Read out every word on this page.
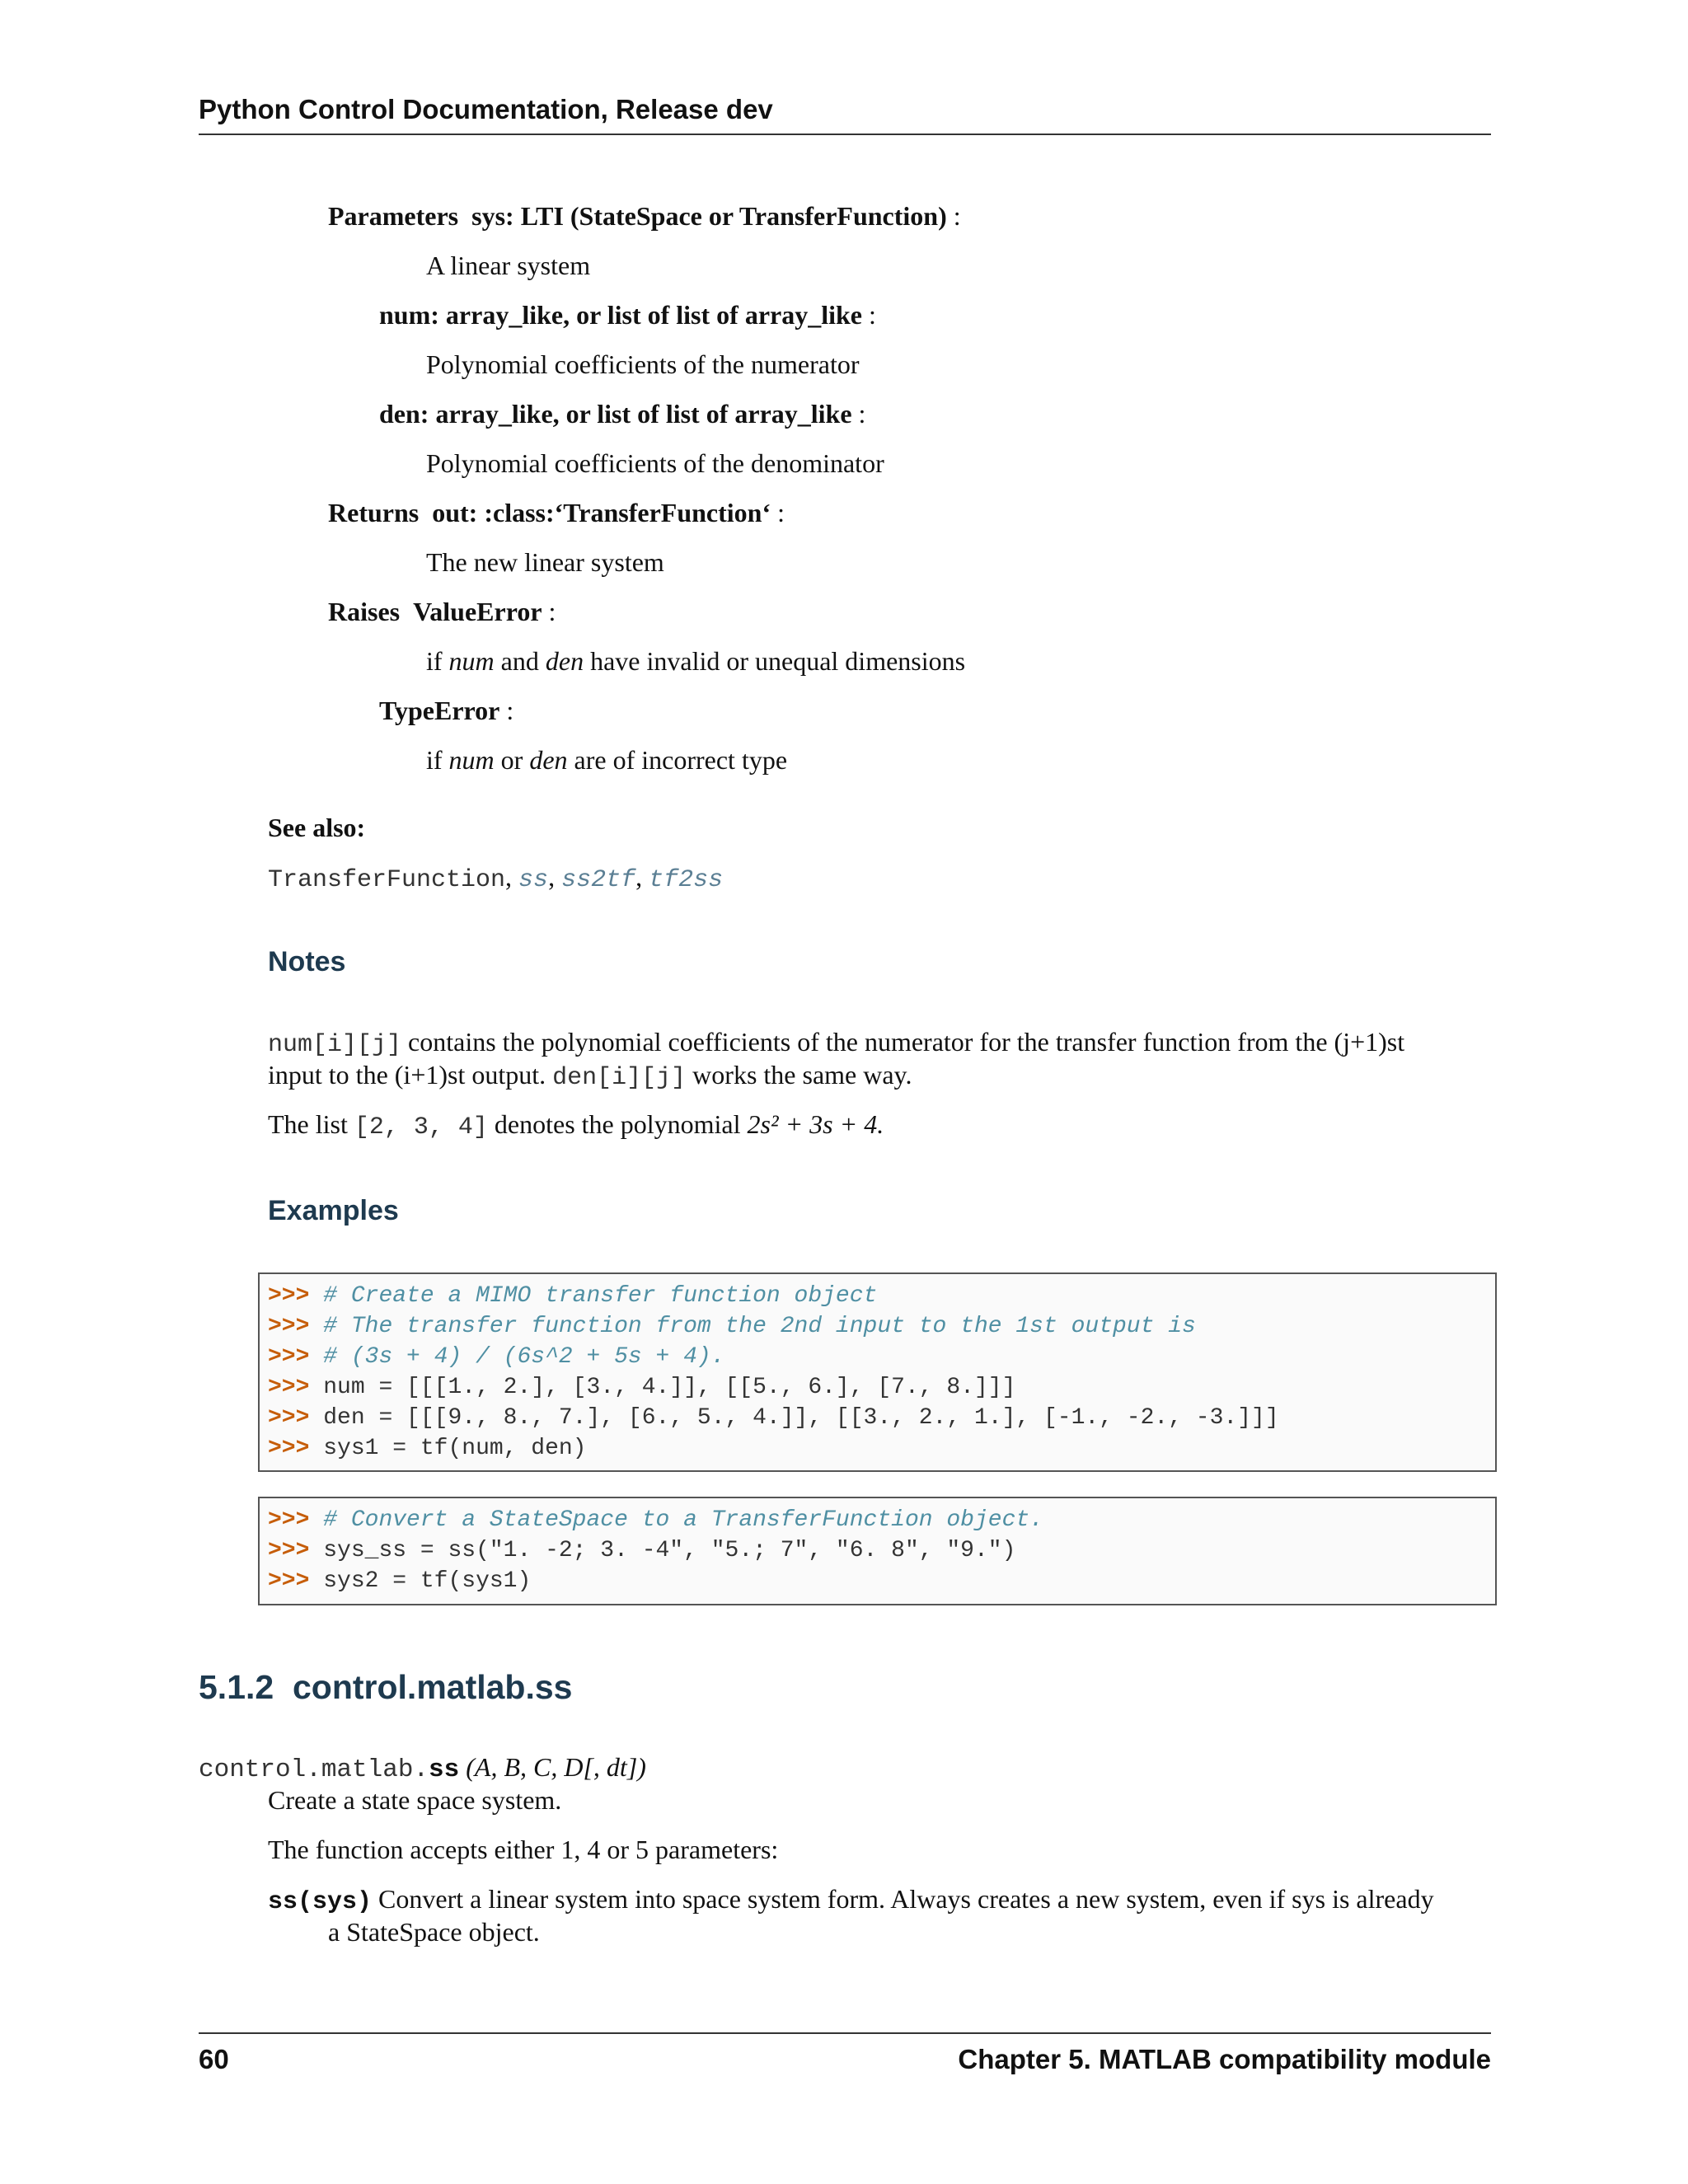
Python Control Documentation, Release dev
Parameters sys: LTI (StateSpace or TransferFunction) :
A linear system
num: array_like, or list of list of array_like :
Polynomial coefficients of the numerator
den: array_like, or list of list of array_like :
Polynomial coefficients of the denominator
Returns out: :class:‘TransferFunction‘ :
The new linear system
Raises ValueError :
if num and den have invalid or unequal dimensions
TypeError :
if num or den are of incorrect type
See also:
TransferFunction, ss, ss2tf, tf2ss
Notes
num[i][j] contains the polynomial coefficients of the numerator for the transfer function from the (j+1)st
input to the (i+1)st output. den[i][j] works the same way.
The list [2, 3, 4] denotes the polynomial 2s² + 3s + 4.
Examples
>>> # Create a MIMO transfer function object
>>> # The transfer function from the 2nd input to the 1st output is
>>> # (3s + 4) / (6s^2 + 5s + 4).
>>> num = [[[1., 2.], [3., 4.]], [[5., 6.], [7., 8.]]]
>>> den = [[[9., 8., 7.], [6., 5., 4.]], [[3., 2., 1.], [-1., -2., -3.]]]
>>> sys1 = tf(num, den)
>>> # Convert a StateSpace to a TransferFunction object.
>>> sys_ss = ss("1. -2; 3. -4", "5.; 7", "6. 8", "9.")
>>> sys2 = tf(sys1)
5.1.2 control.matlab.ss
control.matlab.ss (A, B, C, D[, dt])
Create a state space system.
The function accepts either 1, 4 or 5 parameters:
ss(sys) Convert a linear system into space system form. Always creates a new system, even if sys is already
a StateSpace object.
60	Chapter 5. MATLAB compatibility module
